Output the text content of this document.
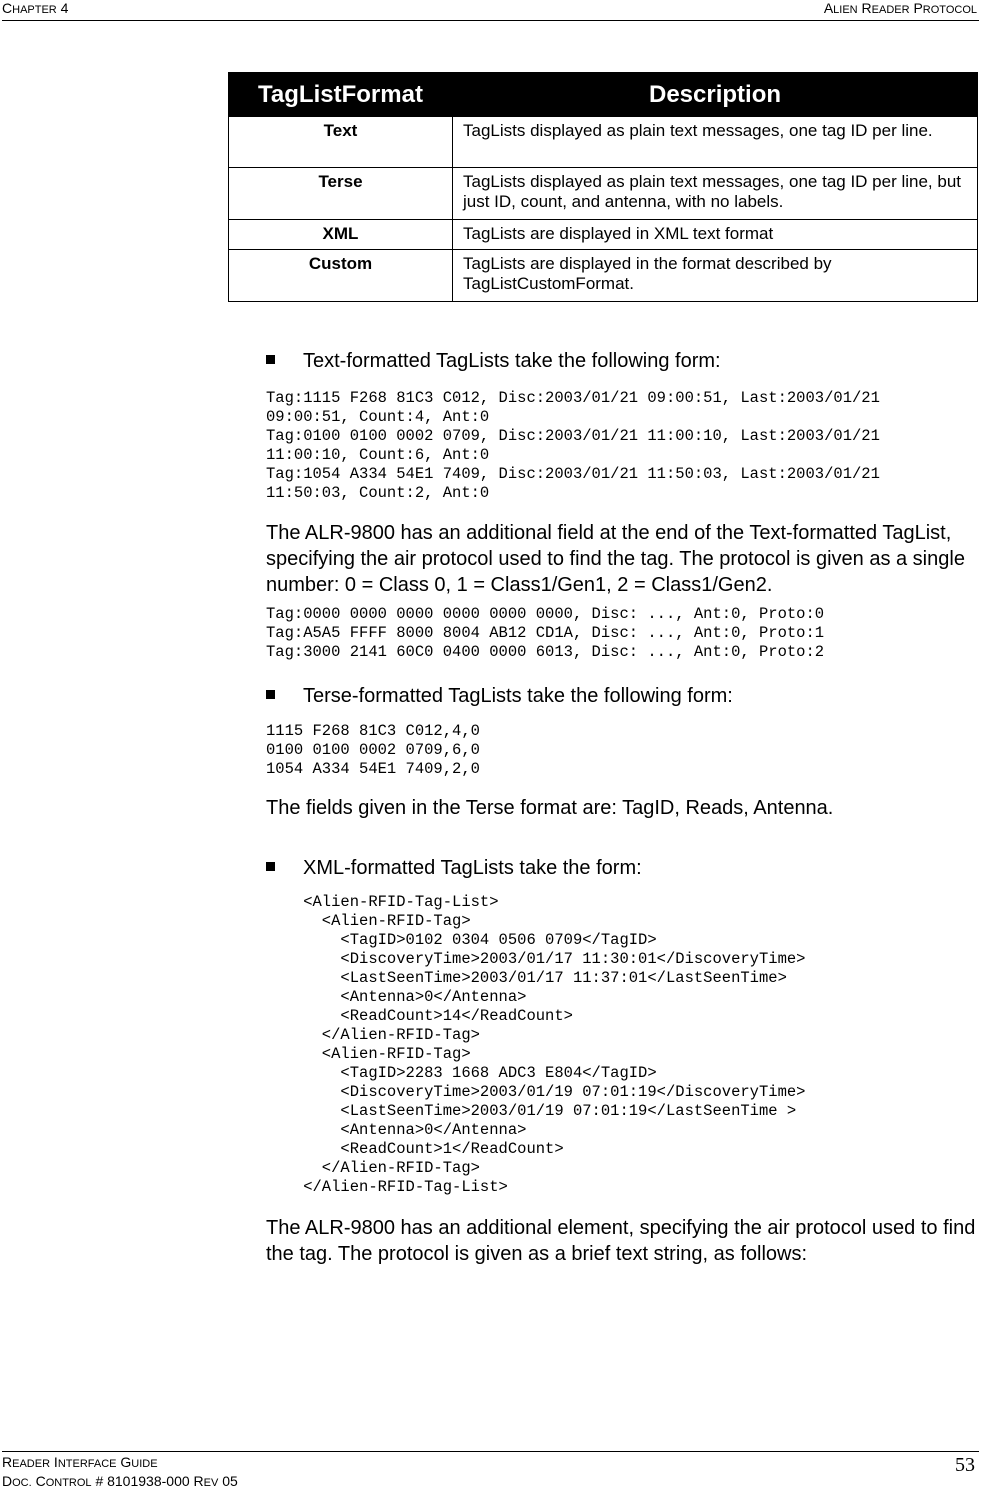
CHAPTER 4	ALIEN READER PROTOCOL
TagListFormat	Description
Text	TagLists displayed as plain text messages, one tag ID per line.
Terse	TagLists displayed as plain text messages, one tag ID per line, but just ID, count, and antenna, with no labels.
XML	TagLists are displayed in XML text format
Custom	TagLists are displayed in the format described by TagListCustomFormat.
Text-formatted TagLists take the following form:
Tag:1115 F268 81C3 C012, Disc:2003/01/21 09:00:51, Last:2003/01/21
09:00:51, Count:4, Ant:0
Tag:0100 0100 0002 0709, Disc:2003/01/21 11:00:10, Last:2003/01/21
11:00:10, Count:6, Ant:0
Tag:1054 A334 54E1 7409, Disc:2003/01/21 11:50:03, Last:2003/01/21
11:50:03, Count:2, Ant:0
The ALR-9800 has an additional field at the end of the Text-formatted TagList, specifying the air protocol used to find the tag. The protocol is given as a single number: 0 = Class 0, 1 = Class1/Gen1, 2 = Class1/Gen2.
Tag:0000 0000 0000 0000 0000 0000, Disc: ..., Ant:0, Proto:0
Tag:A5A5 FFFF 8000 8004 AB12 CD1A, Disc: ..., Ant:0, Proto:1
Tag:3000 2141 60C0 0400 0000 6013, Disc: ..., Ant:0, Proto:2
Terse-formatted TagLists take the following form:
1115 F268 81C3 C012,4,0
0100 0100 0002 0709,6,0
1054 A334 54E1 7409,2,0
The fields given in the Terse format are: TagID, Reads, Antenna.
XML-formatted TagLists take the form:
<Alien-RFID-Tag-List>
<Alien-RFID-Tag>
<TagID>0102 0304 0506 0709</TagID>
<DiscoveryTime>2003/01/17 11:30:01</DiscoveryTime>
<LastSeenTime>2003/01/17 11:37:01</LastSeenTime>
<Antenna>0</Antenna>
<ReadCount>14</ReadCount>
</Alien-RFID-Tag>
<Alien-RFID-Tag>
<TagID>2283 1668 ADC3 E804</TagID>
<DiscoveryTime>2003/01/19 07:01:19</DiscoveryTime>
<LastSeenTime>2003/01/19 07:01:19</LastSeenTime >
<Antenna>0</Antenna>
<ReadCount>1</ReadCount>
</Alien-RFID-Tag>
</Alien-RFID-Tag-List>
The ALR-9800 has an additional element, specifying the air protocol used to find the tag. The protocol is given as a brief text string, as follows:
READER INTERFACE GUIDE
DOC. CONTROL # 8101938-000 REV 05
53
